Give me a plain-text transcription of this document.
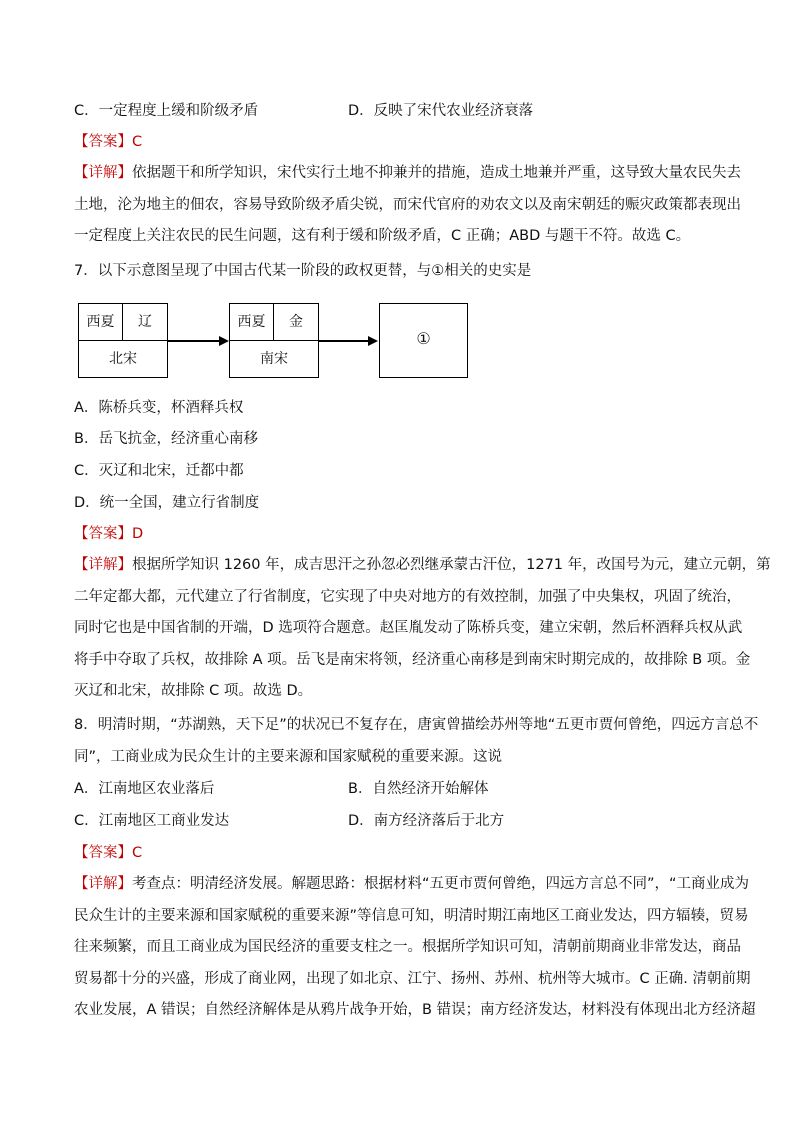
C．一定程度上缓和阶级矛盾	D．反映了宋代农业经济衰落
【答案】C
【详解】依据题干和所学知识，宋代实行土地不抑兼并的措施，造成土地兼并严重，这导致大量农民失去
土地，沦为地主的佃农，容易导致阶级矛盾尖锐，而宋代官府的劝农文以及南宋朝廷的赈灾政策都表现出
一定程度上关注农民的民生问题，这有利于缓和阶级矛盾，C 正确；ABD 与题干不符。故选 C。
7．以下示意图呈现了中国古代某一阶段的政权更替，与①相关的史实是
西夏	辽
北宋
西夏	金
南宋
①
A．陈桥兵变，杯酒释兵权
B．岳飞抗金，经济重心南移
C．灭辽和北宋，迁都中都
D．统一全国，建立行省制度
【答案】D
【详解】根据所学知识 1260 年，成吉思汗之孙忽必烈继承蒙古汗位，1271 年，改国号为元，建立元朝，第
二年定都大都，元代建立了行省制度，它实现了中央对地方的有效控制，加强了中央集权，巩固了统治，
同时它也是中国省制的开端，D 选项符合题意。赵匡胤发动了陈桥兵变，建立宋朝，然后杯酒释兵权从武
将手中夺取了兵权，故排除 A 项。岳飞是南宋将领，经济重心南移是到南宋时期完成的，故排除 B 项。金
灭辽和北宋，故排除 C 项。故选 D。
8．明清时期，“苏湖熟，天下足”的状况已不复存在，唐寅曾描绘苏州等地“五更市贾何曾绝，四远方言总不
同”，工商业成为民众生计的主要来源和国家赋税的重要来源。这说
A．江南地区农业落后	B．自然经济开始解体
C．江南地区工商业发达	D．南方经济落后于北方
【答案】C
【详解】考查点：明清经济发展。解题思路：根据材料“五更市贾何曾绝，四远方言总不同”，“工商业成为
民众生计的主要来源和国家赋税的重要来源”等信息可知，明清时期江南地区工商业发达，四方辐辏，贸易
往来频繁，而且工商业成为国民经济的重要支柱之一。根据所学知识可知，清朝前期商业非常发达，商品
贸易都十分的兴盛，形成了商业网，出现了如北京、江宁、扬州、苏州、杭州等大城市。C 正确. 清朝前期
农业发展，A 错误；自然经济解体是从鸦片战争开始，B 错误；南方经济发达，材料没有体现出北方经济超
